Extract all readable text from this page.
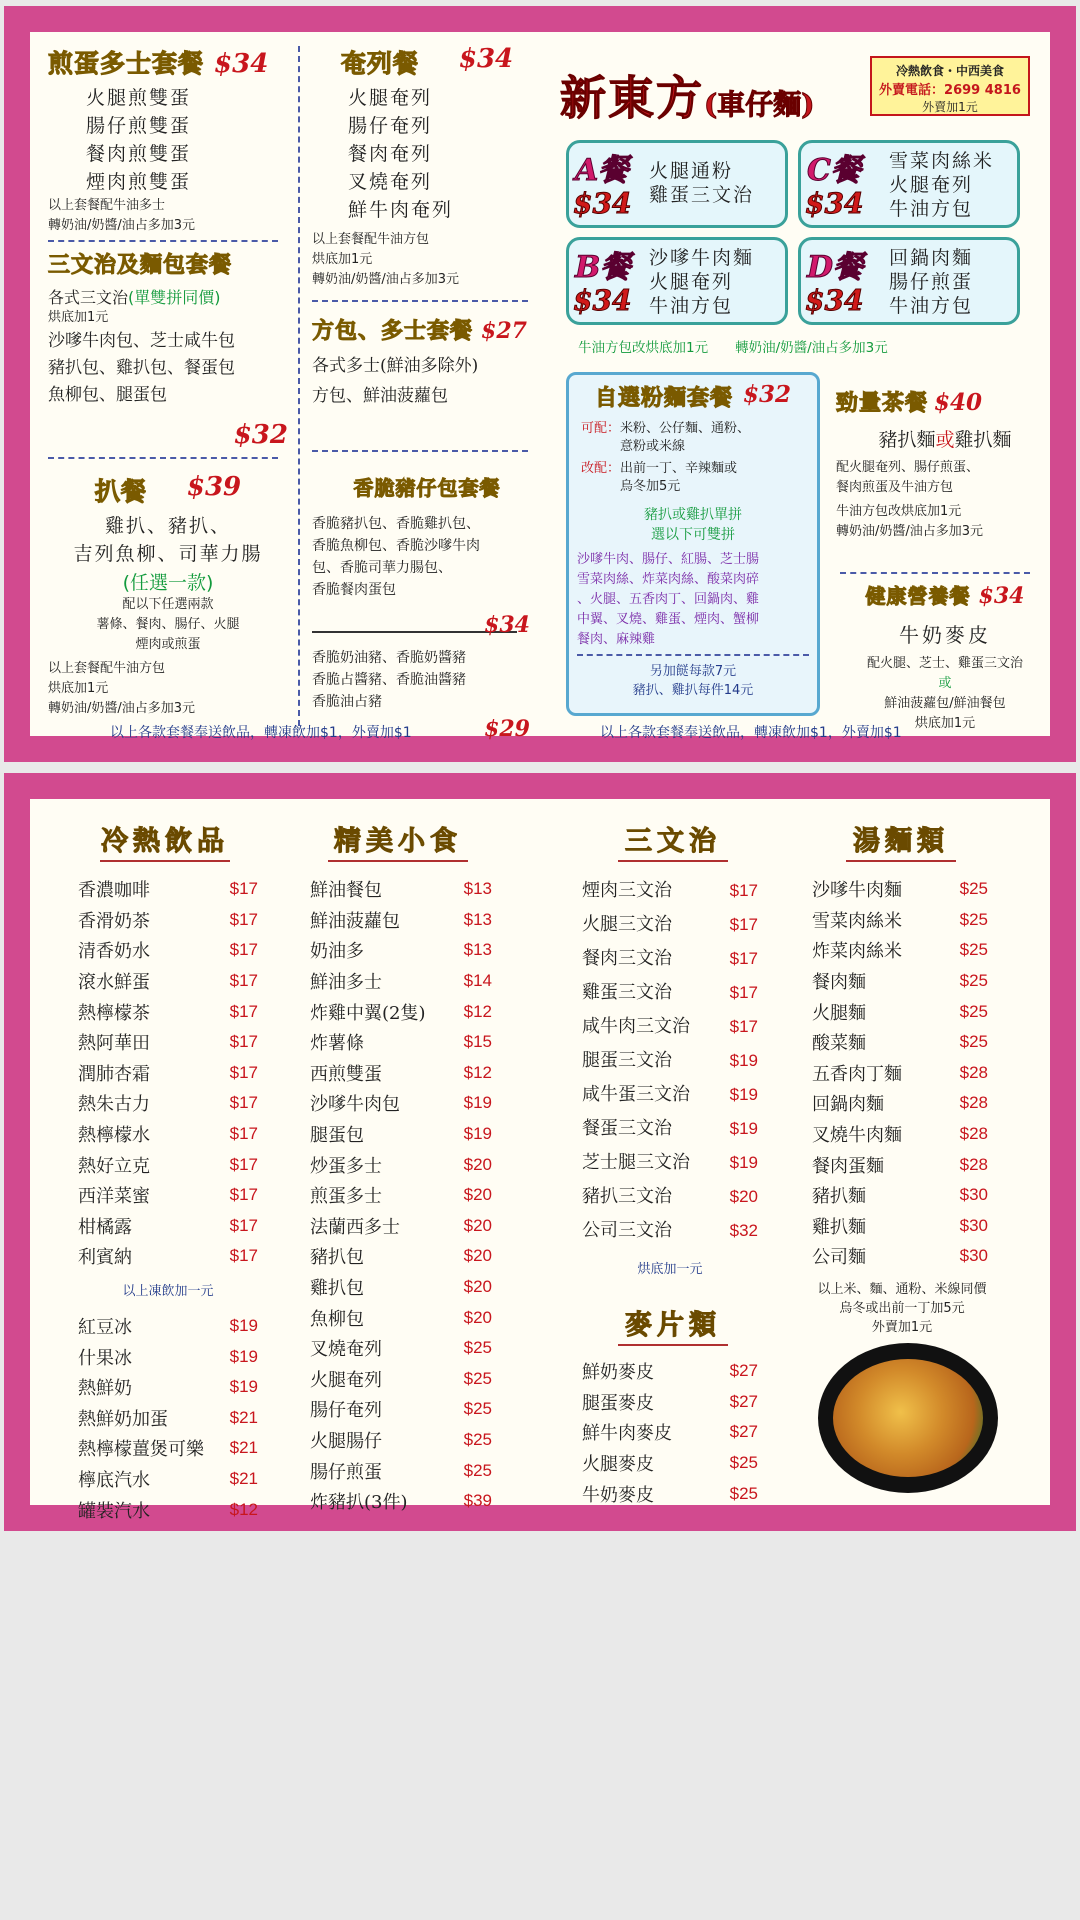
煎蛋多士套餐 $34
火腿煎雙蛋
腸仔煎雙蛋
餐肉煎雙蛋
煙肉煎雙蛋
以上套餐配牛油多士
轉奶油/奶醬/油占多加3元
三文治及麵包套餐
各式三文治(單雙拼同價)
烘底加1元
沙嗲牛肉包、芝士咸牛包
豬扒包、雞扒包、餐蛋包
魚柳包、腿蛋包
$32
扒餐 $39
雞扒、豬扒、
吉列魚柳、司華力腸
(任選一款)
配以下任選兩款
薯條、餐肉、腸仔、火腿
煙肉或煎蛋
以上套餐配牛油方包
烘底加1元
轉奶油/奶醬/油占多加3元
奄列餐 $34
火腿奄列
腸仔奄列
餐肉奄列
叉燒奄列
鮮牛肉奄列
以上套餐配牛油方包
烘底加1元
轉奶油/奶醬/油占多加3元
方包、多士套餐 $27
各式多士(鮮油多除外)
方包、鮮油菠蘿包
香脆豬仔包套餐
香脆豬扒包、香脆雞扒包、
香脆魚柳包、香脆沙嗲牛肉
包、香脆司華力腸包、
香脆餐肉蛋包
$34
香脆奶油豬、香脆奶醬豬
香脆占醬豬、香脆油醬豬
香脆油占豬
$29
新東方(車仔麵)
冷熱飲食・中西美食
外賣電話：2699 4816
外賣加1元
A餐
$34
火腿通粉
雞蛋三文治
C餐
$34
雪菜肉絲米
火腿奄列
牛油方包
B餐
$34
沙嗲牛肉麵
火腿奄列
牛油方包
D餐
$34
回鍋肉麵
腸仔煎蛋
牛油方包
牛油方包改烘底加1元　　轉奶油/奶醬/油占多加3元
自選粉麵套餐 $32
可配： 米粉、公仔麵、通粉、
意粉或米線
改配： 出前一丁、辛辣麵或
烏冬加5元
豬扒或雞扒單拼
選以下可雙拼
沙嗲牛肉、腸仔、紅腸、芝士腸
雪菜肉絲、炸菜肉絲、酸菜肉碎
、火腿、五香肉丁、回鍋肉、雞
中翼、叉燒、雞蛋、煙肉、蟹柳
餐肉、麻辣雞
另加餸每款7元
豬扒、雞扒每件14元
勁量茶餐 $40
豬扒麵或雞扒麵
配火腿奄列、腸仔煎蛋、
餐肉煎蛋及牛油方包
牛油方包改烘底加1元
轉奶油/奶醬/油占多加3元
健康營養餐 $34
牛奶麥皮
配火腿、芝士、雞蛋三文治
或
鮮油菠蘿包/鮮油餐包
烘底加1元
以上各款套餐奉送飲品，轉凍飲加$1，外賣加$1	以上各款套餐奉送飲品，轉凍飲加$1，外賣加$1
冷熱飲品
香濃咖啡	$17
香滑奶茶	$17
清香奶水	$17
滾水鮮蛋	$17
熱檸檬茶	$17
熱阿華田	$17
潤肺杏霜	$17
熱朱古力	$17
熱檸檬水	$17
熱好立克	$17
西洋菜蜜	$17
柑橘露	$17
利賓納	$17
以上凍飲加一元
紅豆冰	$19
什果冰	$19
熱鮮奶	$19
熱鮮奶加蛋	$21
熱檸檬薑煲可樂 $21
檸底汽水	$21
罐裝汽水	$12
精美小食
鮮油餐包	$13
鮮油菠蘿包	$13
奶油多	$13
鮮油多士	$14
炸雞中翼(2隻) $12
炸薯條	$15
西煎雙蛋	$12
沙嗲牛肉包	$19
腿蛋包	$19
炒蛋多士	$20
煎蛋多士	$20
法蘭西多士	$20
豬扒包	$20
雞扒包	$20
魚柳包	$20
叉燒奄列	$25
火腿奄列	$25
腸仔奄列	$25
火腿腸仔	$25
腸仔煎蛋	$25
炸豬扒(3件)	$39
三文治
煙肉三文治	$17
火腿三文治	$17
餐肉三文治	$17
雞蛋三文治	$17
咸牛肉三文治 $17
腿蛋三文治	$19
咸牛蛋三文治 $19
餐蛋三文治	$19
芝士腿三文治 $19
豬扒三文治	$20
公司三文治	$32
烘底加一元
麥片類
鮮奶麥皮	$27
腿蛋麥皮	$27
鮮牛肉麥皮	$27
火腿麥皮	$25
牛奶麥皮	$25
湯麵類
沙嗲牛肉麵	$25
雪菜肉絲米	$25
炸菜肉絲米	$25
餐肉麵	$25
火腿麵	$25
酸菜麵	$25
五香肉丁麵	$28
回鍋肉麵	$28
叉燒牛肉麵	$28
餐肉蛋麵	$28
豬扒麵	$30
雞扒麵	$30
公司麵	$30
以上米、麵、通粉、米線同價
烏冬或出前一丁加5元
外賣加1元
